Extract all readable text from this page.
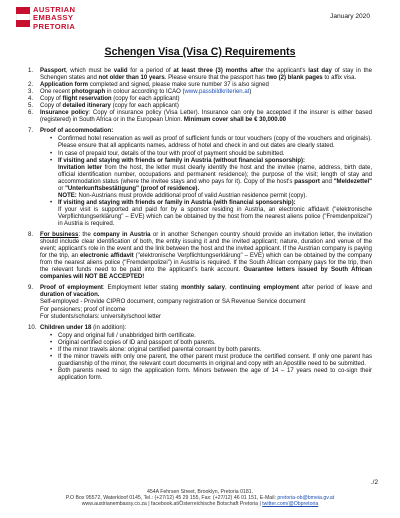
AUSTRIAN
EMBASSY
PRETORIA
January 2020
Schengen Visa (Visa C) Requirements
1. Passport, which must be valid for a period of at least three (3) months after the applicant's last day of stay in the Schengen states and not older than 10 years. Please ensure that the passport has two (2) blank pages to affix visa.
2. Application form completed and signed, please make sure number 37 is also signed
3. One recent photograph in colour according to ICAO (www.passbildkriterien.at)
4. Copy of flight reservation (copy for each applicant)
5. Copy of detailed itinerary (copy for each applicant)
6. Insurance policy: Copy of insurance policy (Visa Letter). Insurance can only be accepted if the insurer is either based (registered) in South Africa or in the European Union. Minimum cover shall be € 30,000.00
7. Proof of accommodation:
• Confirmed hotel reservation as well as proof of sufficient funds or tour vouchers (copy of the vouchers and originals). Please ensure that all applicants names, address of hotel and check in and out dates are clearly stated.
• In case of prepaid tour, details of the tour with proof of payment should be submitted.
• If visiting and staying with friends or family in Austria (without financial sponsorship):
Invitation letter from the host, the letter must clearly identify the host and the invitee (name, address, birth date, official identification number, occupations and permanent residence); the purpose of the visit; length of stay and accommodation status (where the invitee stays and who pays for it). Copy of the host's passport and "Meldezettel" or "Unterkunftsbestätigung" (proof of residence).
NOTE: Non-Austrians must provide additional proof of valid Austrian residence permit (copy).
• If visiting and staying with friends or family in Austria (with financial sponsorship):
If your visit is supported and paid for by a sponsor residing in Austria, an electronic affidavit ("elektronische Verpflichtungserklärung" – EVE) which can be obtained by the host from the nearest aliens police ("Fremdenpolizei") in Austria is required.
8. For business: the company in Austria or in another Schengen country should provide an invitation letter, the invitation should include clear identification of both, the entity issuing it and the invited applicant; nature, duration and venue of the event; applicant's role in the event and the link between the host and the invited applicant. If the Austrian company is paying for the trip, an electronic affidavit ("elektronische Verpflichtungserklärung" – EVE) which can be obtained by the company from the nearest aliens police ("Fremdenpolizei") in Austria is required. If the South African company pays for the trip, then the relevant funds need to be paid into the applicant's bank account. Guarantee letters issued by South African companies will NOT BE ACCEPTED!
9. Proof of employment: Employment letter stating monthly salary, continuing employment after period of leave and duration of vacation.
Self-employed - Provide CIPRO document, company registration or SA Revenue Service document
For pensioners; proof of income
For students/scholars: university/school letter
10. Children under 18 (in addition):
• Copy and original full / unabbridged birth certificate.
• Original certified copies of ID and passport of both parents.
• If the minor travels alone: original certified parental consent by both parents.
• If the minor travels with only one parent, the other parent must produce the certified consent. If only one parent has guardianship of the minor, the relevant court documents in original and copy with an Apostille need to be submitted.
• Both parents need to sign the application form. Minors between the age of 14 – 17 years need to co-sign their application form.
./2
454A Fehrsen Street, Brooklyn, Pretoria 0181.
P.O Box 95572, Waterkloof 0145, Tel.: (+27/12) 45 29 155, Fax: (+27/12) 46 01 151, E-Mail: pretoria-ob@bmeia.gv.at
www.austrianembassy.co.za | facebook.at/Österreichische Botschaft Pretoria | twitter.com/@Obpretoria
